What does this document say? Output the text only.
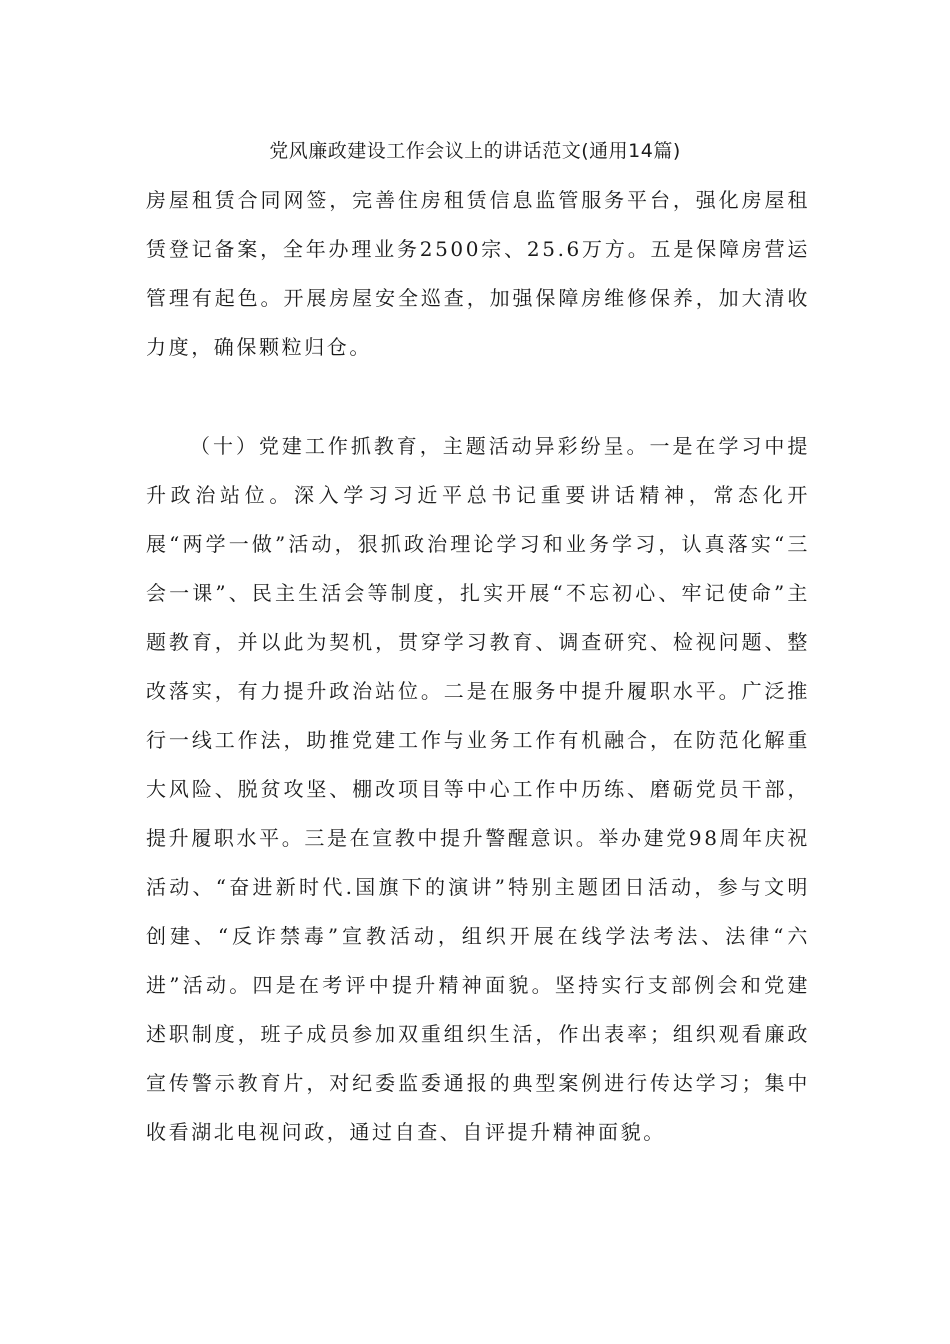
党风廉政建设工作会议上的讲话范文(通用14篇)

房屋租赁合同网签，完善住房租赁信息监管服务平台，强化房屋租赁登记备案，全年办理业务2500宗、25.6万方。五是保障房营运管理有起色。开展房屋安全巡查，加强保障房维修保养，加大清收力度，确保颗粒归仓。

（十）党建工作抓教育，主题活动异彩纷呈。一是在学习中提升政治站位。深入学习习近平总书记重要讲话精神，常态化开展“两学一做”活动，狠抓政治理论学习和业务学习，认真落实“三会一课”、民主生活会等制度，扎实开展“不忘初心、牢记使命”主题教育，并以此为契机，贯穿学习教育、调查研究、检视问题、整改落实，有力提升政治站位。二是在服务中提升履职水平。广泛推行一线工作法，助推党建工作与业务工作有机融合，在防范化解重大风险、脱贫攻坚、棚改项目等中心工作中历练、磨砺党员干部，提升履职水平。三是在宣教中提升警醒意识。举办建党98周年庆祝活动、“奋进新时代.国旗下的演讲”特别主题团日活动，参与文明创建、“反诈禁毒”宣教活动，组织开展在线学法考法、法律“六进”活动。四是在考评中提升精神面貌。坚持实行支部例会和党建述职制度，班子成员参加双重组织生活，作出表率；组织观看廉政宣传警示教育片，对纪委监委通报的典型案例进行传达学习；集中收看湖北电视问政，通过自查、自评提升精神面貌。
